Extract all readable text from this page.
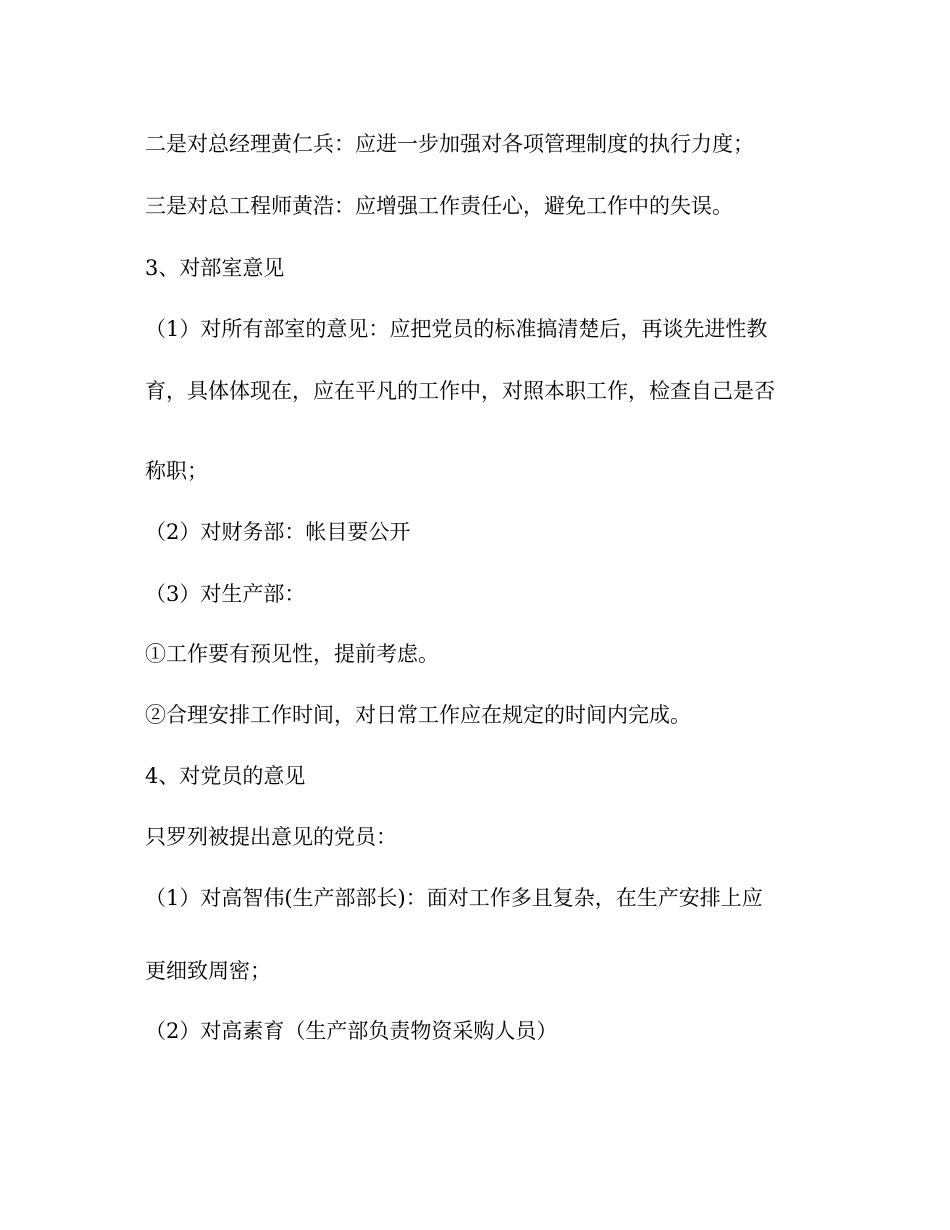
二是对总经理黄仁兵：应进一步加强对各项管理制度的执行力度；
三是对总工程师黄浩：应增强工作责任心，避免工作中的失误。
3、对部室意见
（1）对所有部室的意见：应把党员的标准搞清楚后，再谈先进性教
育，具体体现在，应在平凡的工作中，对照本职工作，检查自己是否
称职；
（2）对财务部：帐目要公开
（3）对生产部：
①工作要有预见性，提前考虑。
②合理安排工作时间，对日常工作应在规定的时间内完成。
4、对党员的意见
只罗列被提出意见的党员：
（1）对高智伟(生产部部长)：面对工作多且复杂，在生产安排上应
更细致周密；
（2）对高素育（生产部负责物资采购人员）
